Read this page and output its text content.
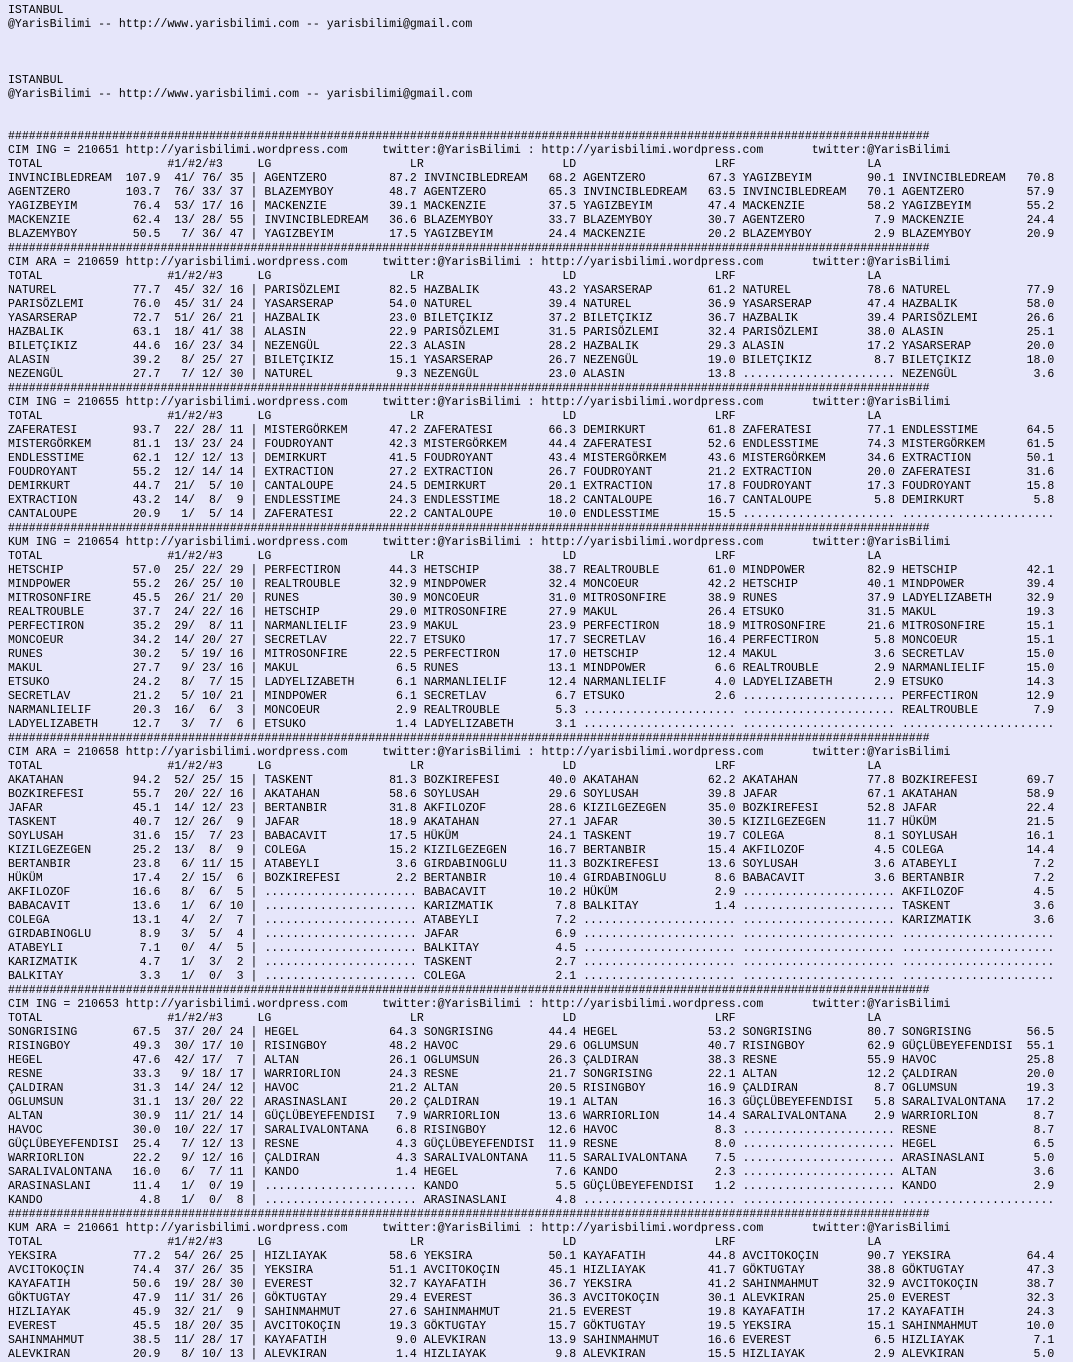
ISTANBUL
@YarisBilimi -- http://www.yarisbilimi.com -- yarisbilimi@gmail.com
ISTANBUL
@YarisBilimi -- http://www.yarisbilimi.com -- yarisbilimi@gmail.com
#####################################################################################################################################
CIM ING = 210651 http://yarisbilimi.wordpress.com     twitter:@YarisBilimi : http://yarisbilimi.wordpress.com       twitter:@YarisBilimi
TOTAL                  #1/#2/#3     LG                    LR                    LD                    LRF                   LA
INVINCIBLEDREAM  107.9  41/ 76/ 35 | AGENTZERO         87.2 INVINCIBLEDREAM   68.2 AGENTZERO         67.3 YAGIZBEYIM        90.1 INVINCIBLEDREAM   70.8
AGENTZERO        103.7  76/ 33/ 37 | BLAZEMYBOY        48.7 AGENTZERO         65.3 INVINCIBLEDREAM   63.5 INVINCIBLEDREAM   70.1 AGENTZERO         57.9
YAGIZBEYIM        76.4  53/ 17/ 16 | MACKENZIE         39.1 MACKENZIE         37.5 YAGIZBEYIM        47.4 MACKENZIE         58.2 YAGIZBEYIM        55.2
MACKENZIE         62.4  13/ 28/ 55 | INVINCIBLEDREAM   36.6 BLAZEMYBOY        33.7 BLAZEMYBOY        30.7 AGENTZERO          7.9 MACKENZIE         24.4
BLAZEMYBOY        50.5   7/ 36/ 47 | YAGIZBEYIM        17.5 YAGIZBEYIM        24.4 MACKENZIE         20.2 BLAZEMYBOY         2.9 BLAZEMYBOY        20.9
#####################################################################################################################################
CIM ARA = 210659 http://yarisbilimi.wordpress.com     twitter:@YarisBilimi : http://yarisbilimi.wordpress.com       twitter:@YarisBilimi
TOTAL                  #1/#2/#3     LG                    LR                    LD                    LRF                   LA
NATUREL           77.7  45/ 32/ 16 | PARISÖZLEMI       82.5 HAZBALIK          43.2 YASARSERAP        61.2 NATUREL           78.6 NATUREL           77.9
PARISÖZLEMI       76.0  45/ 31/ 24 | YASARSERAP        54.0 NATUREL           39.4 NATUREL           36.9 YASARSERAP        47.4 HAZBALIK          58.0
YASARSERAP        72.7  51/ 26/ 21 | HAZBALIK          23.0 BILETÇIKIZ        37.2 BILETÇIKIZ        36.7 HAZBALIK          39.4 PARISÖZLEMI       26.6
HAZBALIK          63.1  18/ 41/ 38 | ALASIN            22.9 PARISÖZLEMI       31.5 PARISÖZLEMI       32.4 PARISÖZLEMI       38.0 ALASIN            25.1
BILETÇIKIZ        44.6  16/ 23/ 34 | NEZENGÜL          22.3 ALASIN            28.2 HAZBALIK          29.3 ALASIN            17.2 YASARSERAP        20.0
ALASIN            39.2   8/ 25/ 27 | BILETÇIKIZ        15.1 YASARSERAP        26.7 NEZENGÜL          19.0 BILETÇIKIZ         8.7 BILETÇIKIZ        18.0
NEZENGÜL          27.7   7/ 12/ 30 | NATUREL            9.3 NEZENGÜL          23.0 ALASIN            13.8 ...................... NEZENGÜL           3.6
#####################################################################################################################################
CIM ING = 210655 http://yarisbilimi.wordpress.com     twitter:@YarisBilimi : http://yarisbilimi.wordpress.com       twitter:@YarisBilimi
TOTAL                  #1/#2/#3     LG                    LR                    LD                    LRF                   LA
ZAFERATESI        93.7  22/ 28/ 11 | MISTERGÖRKEM      47.2 ZAFERATESI        66.3 DEMIRKURT         61.8 ZAFERATESI        77.1 ENDLESSTIME       64.5
MISTERGÖRKEM      81.1  13/ 23/ 24 | FOUDROYANT        42.3 MISTERGÖRKEM      44.4 ZAFERATESI        52.6 ENDLESSTIME       74.3 MISTERGÖRKEM      61.5
ENDLESSTIME       62.1  12/ 12/ 13 | DEMIRKURT         41.5 FOUDROYANT        43.4 MISTERGÖRKEM      43.6 MISTERGÖRKEM      34.6 EXTRACTION        50.1
FOUDROYANT        55.2  12/ 14/ 14 | EXTRACTION        27.2 EXTRACTION        26.7 FOUDROYANT        21.2 EXTRACTION        20.0 ZAFERATESI        31.6
DEMIRKURT         44.7  21/  5/ 10 | CANTALOUPE        24.5 DEMIRKURT         20.1 EXTRACTION        17.8 FOUDROYANT        17.3 FOUDROYANT        15.8
EXTRACTION        43.2  14/  8/  9 | ENDLESSTIME       24.3 ENDLESSTIME       18.2 CANTALOUPE        16.7 CANTALOUPE         5.8 DEMIRKURT          5.8
CANTALOUPE        20.9   1/  5/ 14 | ZAFERATESI        22.2 CANTALOUPE        10.0 ENDLESSTIME       15.5 ...................... ......................
#####################################################################################################################################
KUM ING = 210654 http://yarisbilimi.wordpress.com     twitter:@YarisBilimi : http://yarisbilimi.wordpress.com       twitter:@YarisBilimi
TOTAL                  #1/#2/#3     LG                    LR                    LD                    LRF                   LA
HETSCHIP          57.0  25/ 22/ 29 | PERFECTIRON       44.3 HETSCHIP          38.7 REALTROUBLE       61.0 MINDPOWER         82.9 HETSCHIP          42.1
MINDPOWER         55.2  26/ 25/ 10 | REALTROUBLE       32.9 MINDPOWER         32.4 MONCOEUR          42.2 HETSCHIP          40.1 MINDPOWER         39.4
MITROSONFIRE      45.5  26/ 21/ 20 | RUNES             30.9 MONCOEUR          31.0 MITROSONFIRE      38.9 RUNES             37.9 LADYELIZABETH     32.9
REALTROUBLE       37.7  24/ 22/ 16 | HETSCHIP          29.0 MITROSONFIRE      27.9 MAKUL             26.4 ETSUKO            31.5 MAKUL             19.3
PERFECTIRON       35.2  29/  8/ 11 | NARMANLIELIF      23.9 MAKUL             23.9 PERFECTIRON       18.9 MITROSONFIRE      21.6 MITROSONFIRE      15.1
MONCOEUR          34.2  14/ 20/ 27 | SECRETLAV         22.7 ETSUKO            17.7 SECRETLAV         16.4 PERFECTIRON        5.8 MONCOEUR          15.1
RUNES             30.2   5/ 19/ 16 | MITROSONFIRE      22.5 PERFECTIRON       17.0 HETSCHIP          12.4 MAKUL              3.6 SECRETLAV         15.0
MAKUL             27.7   9/ 23/ 16 | MAKUL              6.5 RUNES             13.1 MINDPOWER          6.6 REALTROUBLE        2.9 NARMANLIELIF      15.0
ETSUKO            24.2   8/  7/ 15 | LADYELIZABETH      6.1 NARMANLIELIF      12.4 NARMANLIELIF       4.0 LADYELIZABETH      2.9 ETSUKO            14.3
SECRETLAV         21.2   5/ 10/ 21 | MINDPOWER          6.1 SECRETLAV          6.7 ETSUKO             2.6 ...................... PERFECTIRON       12.9
NARMANLIELIF      20.3  16/  6/  3 | MONCOEUR           2.9 REALTROUBLE        5.3 ...................... ...................... REALTROUBLE        7.9
LADYELIZABETH     12.7   3/  7/  6 | ETSUKO             1.4 LADYELIZABETH      3.1 ...................... ...................... ......................
#####################################################################################################################################
CIM ARA = 210658 http://yarisbilimi.wordpress.com     twitter:@YarisBilimi : http://yarisbilimi.wordpress.com       twitter:@YarisBilimi
TOTAL                  #1/#2/#3     LG                    LR                    LD                    LRF                   LA
AKATAHAN          94.2  52/ 25/ 15 | TASKENT           81.3 BOZKIREFESI       40.0 AKATAHAN          62.2 AKATAHAN          77.8 BOZKIREFESI       69.7
BOZKIREFESI       55.7  20/ 22/ 16 | AKATAHAN          58.6 SOYLUSAH          29.6 SOYLUSAH          39.8 JAFAR             67.1 AKATAHAN          58.9
JAFAR             45.1  14/ 12/ 23 | BERTANBIR         31.8 AKFILOZOF         28.6 KIZILGEZEGEN      35.0 BOZKIREFESI       52.8 JAFAR             22.4
TASKENT           40.7  12/ 26/  9 | JAFAR             18.9 AKATAHAN          27.1 JAFAR             30.5 KIZILGEZEGEN      11.7 HÜKÜM             21.5
SOYLUSAH          31.6  15/  7/ 23 | BABACAVIT         17.5 HÜKÜM             24.1 TASKENT           19.7 COLEGA             8.1 SOYLUSAH          16.1
KIZILGEZEGEN      25.2  13/  8/  9 | COLEGA            15.2 KIZILGEZEGEN      16.7 BERTANBIR         15.4 AKFILOZOF          4.5 COLEGA            14.4
BERTANBIR         23.8   6/ 11/ 15 | ATABEYLI           3.6 GIRDABINOGLU      11.3 BOZKIREFESI       13.6 SOYLUSAH           3.6 ATABEYLI           7.2
HÜKÜM             17.4   2/ 15/  6 | BOZKIREFESI        2.2 BERTANBIR         10.4 GIRDABINOGLU       8.6 BABACAVIT          3.6 BERTANBIR          7.2
AKFILOZOF         16.6   8/  6/  5 | ...................... BABACAVIT         10.2 HÜKÜM              2.9 ...................... AKFILOZOF          4.5
BABACAVIT         13.6   1/  6/ 10 | ...................... KARIZMATIK         7.8 BALKITAY           1.4 ...................... TASKENT            3.6
COLEGA            13.1   4/  2/  7 | ...................... ATABEYLI           7.2 ...................... ...................... KARIZMATIK         3.6
GIRDABINOGLU       8.9   3/  5/  4 | ...................... JAFAR              6.9 ...................... ...................... ......................
ATABEYLI           7.1   0/  4/  5 | ...................... BALKITAY           4.5 ...................... ...................... ......................
KARIZMATIK         4.7   1/  3/  2 | ...................... TASKENT            2.7 ...................... ...................... ......................
BALKITAY           3.3   1/  0/  3 | ...................... COLEGA             2.1 ...................... ...................... ......................
#####################################################################################################################################
CIM ING = 210653 http://yarisbilimi.wordpress.com     twitter:@YarisBilimi : http://yarisbilimi.wordpress.com       twitter:@YarisBilimi
TOTAL                  #1/#2/#3     LG                    LR                    LD                    LRF                   LA
SONGRISING        67.5  37/ 20/ 24 | HEGEL             64.3 SONGRISING        44.4 HEGEL             53.2 SONGRISING        80.7 SONGRISING        56.5
RISINGBOY         49.3  30/ 17/ 10 | RISINGBOY         48.2 HAVOC             29.6 OGLUMSUN          40.7 RISINGBOY         62.9 GÜÇLÜBEYEFENDISI  55.1
HEGEL             47.6  42/ 17/  7 | ALTAN             26.1 OGLUMSUN          26.3 ÇALDIRAN          38.3 RESNE             55.9 HAVOC             25.8
RESNE             33.3   9/ 18/ 17 | WARRIORLION       24.3 RESNE             21.7 SONGRISING        22.1 ALTAN             12.2 ÇALDIRAN          20.0
ÇALDIRAN          31.3  14/ 24/ 12 | HAVOC             21.2 ALTAN             20.5 RISINGBOY         16.9 ÇALDIRAN           8.7 OGLUMSUN          19.3
OGLUMSUN          31.1  13/ 20/ 22 | ARASINASLANI      20.2 ÇALDIRAN          19.1 ALTAN             16.3 GÜÇLÜBEYEFENDISI   5.8 SARALIVALONTANA   17.2
ALTAN             30.9  11/ 21/ 14 | GÜÇLÜBEYEFENDISI   7.9 WARRIORLION       13.6 WARRIORLION       14.4 SARALIVALONTANA    2.9 WARRIORLION        8.7
HAVOC             30.0  10/ 22/ 17 | SARALIVALONTANA    6.8 RISINGBOY         12.6 HAVOC              8.3 ...................... RESNE              8.7
GÜÇLÜBEYEFENDISI  25.4   7/ 12/ 13 | RESNE              4.3 GÜÇLÜBEYEFENDISI  11.9 RESNE              8.0 ...................... HEGEL              6.5
WARRIORLION       22.2   9/ 12/ 16 | ÇALDIRAN           4.3 SARALIVALONTANA   11.5 SARALIVALONTANA    7.5 ...................... ARASINASLANI       5.0
SARALIVALONTANA   16.0   6/  7/ 11 | KANDO              1.4 HEGEL              7.6 KANDO              2.3 ...................... ALTAN              3.6
ARASINASLANI      11.4   1/  0/ 19 | ...................... KANDO              5.5 GÜÇLÜBEYEFENDISI   1.2 ...................... KANDO              2.9
KANDO              4.8   1/  0/  8 | ...................... ARASINASLANI       4.8 ...................... ...................... ......................
#####################################################################################################################################
KUM ARA = 210661 http://yarisbilimi.wordpress.com     twitter:@YarisBilimi : http://yarisbilimi.wordpress.com       twitter:@YarisBilimi
TOTAL                  #1/#2/#3     LG                    LR                    LD                    LRF                   LA
YEKSIRA           77.2  54/ 26/ 25 | HIZLIAYAK         58.6 YEKSIRA           50.1 KAYAFATIH         44.8 AVCITOKOÇIN       90.7 YEKSIRA           64.4
AVCITOKOÇIN       74.4  37/ 26/ 35 | YEKSIRA           51.1 AVCITOKOÇIN       45.1 HIZLIAYAK         41.7 GÖKTUGTAY         38.8 GÖKTUGTAY         47.3
KAYAFATIH         50.6  19/ 28/ 30 | EVEREST           32.7 KAYAFATIH         36.7 YEKSIRA           41.2 SAHINMAHMUT       32.9 AVCITOKOÇIN       38.7
GÖKTUGTAY         47.9  11/ 31/ 26 | GÖKTUGTAY         29.4 EVEREST           36.3 AVCITOKOÇIN       30.1 ALEVKIRAN         25.0 EVEREST           32.3
HIZLIAYAK         45.9  32/ 21/  9 | SAHINMAHMUT       27.6 SAHINMAHMUT       21.5 EVEREST           19.8 KAYAFATIH         17.2 KAYAFATIH         24.3
EVEREST           45.5  18/ 20/ 35 | AVCITOKOÇIN       19.3 GÖKTUGTAY         15.7 GÖKTUGTAY         19.5 YEKSIRA           15.1 SAHINMAHMUT       10.0
SAHINMAHMUT       38.5  11/ 28/ 17 | KAYAFATIH          9.0 ALEVKIRAN         13.9 SAHINMAHMUT       16.6 EVEREST            6.5 HIZLIAYAK          7.1
ALEVKIRAN         20.9   8/ 10/ 13 | ALEVKIRAN          1.4 HIZLIAYAK          9.8 ALEVKIRAN         15.5 HIZLIAYAK          2.9 ALEVKIRAN          5.0
